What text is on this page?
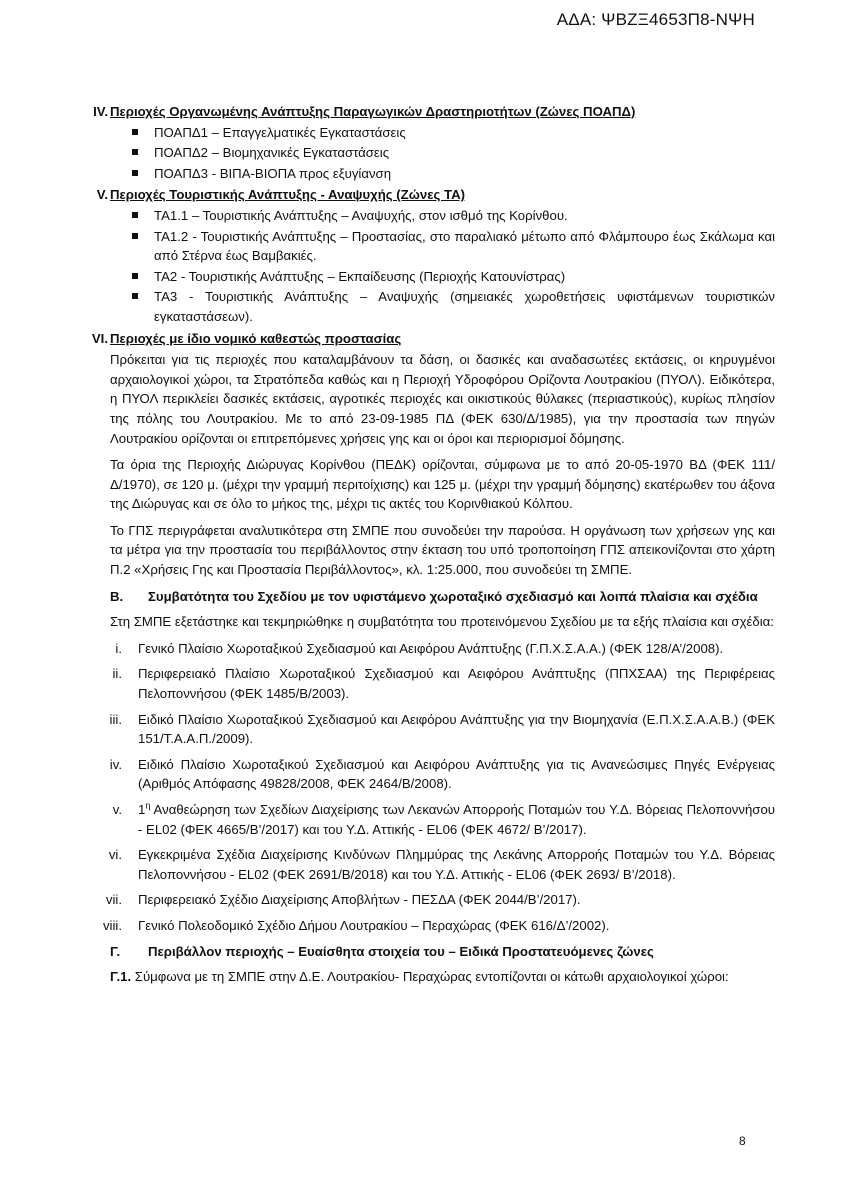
ΑΔΑ: ΨΒΖΞ4653Π8-ΝΨΗ
IV. Περιοχές Οργανωμένης Ανάπτυξης Παραγωγικών Δραστηριοτήτων (Ζώνες ΠΟΑΠΔ)
ΠΟΑΠΔ1 – Επαγγελματικές Εγκαταστάσεις
ΠΟΑΠΔ2 – Βιομηχανικές Εγκαταστάσεις
ΠΟΑΠΔ3 - ΒΙΠΑ-ΒΙΟΠΑ προς εξυγίανση
V. Περιοχές Τουριστικής Ανάπτυξης - Αναψυχής (Ζώνες ΤΑ)
ΤΑ1.1 – Τουριστικής Ανάπτυξης – Αναψυχής, στον ισθμό της Κορίνθου.
ΤΑ1.2 - Τουριστικής Ανάπτυξης – Προστασίας, στο παραλιακό μέτωπο από Φλάμπουρο έως Σκάλωμα και από Στέρνα έως Βαμβακιές.
ΤΑ2 - Τουριστικής Ανάπτυξης – Εκπαίδευσης (Περιοχής Κατουνίστρας)
ΤΑ3 - Τουριστικής Ανάπτυξης – Αναψυχής (σημειακές χωροθετήσεις υφιστάμενων τουριστικών εγκαταστάσεων).
VI. Περιοχές με ίδιο νομικό καθεστώς προστασίας

Πρόκειται για τις περιοχές που καταλαμβάνουν τα δάση, οι δασικές και αναδασωτέες εκτάσεις, οι κηρυγμένοι αρχαιολογικοί χώροι, τα Στρατόπεδα καθώς και η Περιοχή Υδροφόρου Ορίζοντα Λουτρακίου (ΠΥΟΛ). Ειδικότερα, η ΠΥΟΛ περικλείει δασικές εκτάσεις, αγροτικές περιοχές και οικιστικούς θύλακες (περιαστικούς), κυρίως πλησίον της πόλης του Λουτρακίου. Με το από 23-09-1985 ΠΔ (ΦΕΚ 630/Δ/1985), για την προστασία των πηγών Λουτρακίου ορίζονται οι επιτρεπόμενες χρήσεις γης και οι όροι και περιορισμοί δόμησης.

Τα όρια της Περιοχής Διώρυγας Κορίνθου (ΠΕΔΚ) ορίζονται, σύμφωνα με το από 20-05-1970 ΒΔ (ΦΕΚ 111/Δ/1970), σε 120 μ. (μέχρι την γραμμή περιτοίχισης) και 125 μ. (μέχρι την γραμμή δόμησης) εκατέρωθεν του άξονα της Διώρυγας και σε όλο το μήκος της, μέχρι τις ακτές του Κορινθιακού Κόλπου.

Το ΓΠΣ περιγράφεται αναλυτικότερα στη ΣΜΠΕ που συνοδεύει την παρούσα. Η οργάνωση των χρήσεων γης και τα μέτρα για την προστασία του περιβάλλοντος στην έκταση του υπό τροποποίηση ΓΠΣ απεικονίζονται στο χάρτη Π.2 «Χρήσεις Γης και Προστασία Περιβάλλοντος», κλ. 1:25.000, που συνοδεύει τη ΣΜΠΕ.

Β. Συμβατότητα του Σχεδίου με τον υφιστάμενο χωροταξικό σχεδιασμό και λοιπά πλαίσια και σχέδια

Στη ΣΜΠΕ εξετάστηκε και τεκμηριώθηκε η συμβατότητα του προτεινόμενου Σχεδίου με τα εξής πλαίσια και σχέδια:

i. Γενικό Πλαίσιο Χωροταξικού Σχεδιασμού και Αειφόρου Ανάπτυξης (Γ.Π.Χ.Σ.Α.Α.) (ΦΕΚ 128/Α’/2008).
ii. Περιφερειακό Πλαίσιο Χωροταξικού Σχεδιασμού και Αειφόρου Ανάπτυξης (ΠΠΧΣΑΑ) της Περιφέρειας Πελοποννήσου (ΦΕΚ 1485/Β/2003).
iii. Ειδικό Πλαίσιο Χωροταξικού Σχεδιασμού και Αειφόρου Ανάπτυξης για την Βιομηχανία (Ε.Π.Χ.Σ.Α.Α.Β.) (ΦΕΚ 151/Τ.Α.Α.Π./2009).
iv. Ειδικό Πλαίσιο Χωροταξικού Σχεδιασμού και Αειφόρου Ανάπτυξης για τις Ανανεώσιμες Πηγές Ενέργειας (Αριθμός Απόφασης 49828/2008, ΦΕΚ 2464/Β/2008).
v. $1^\eta$ Αναθεώρηση των Σχεδίων Διαχείρισης των Λεκανών Απορροής Ποταμών του Υ.Δ. Βόρειας Πελοποννήσου - EL02 (ΦΕΚ 4665/Β’/2017) και του Υ.Δ. Αττικής - EL06 (ΦΕΚ 4672/ Β’/2017).
vi. Εγκεκριμένα Σχέδια Διαχείρισης Κινδύνων Πλημμύρας της Λεκάνης Απορροής Ποταμών του Υ.Δ. Βόρειας Πελοποννήσου - EL02 (ΦΕΚ 2691/Β/2018) και του Υ.Δ. Αττικής - EL06 (ΦΕΚ 2693/ Β’/2018).
vii. Περιφερειακό Σχέδιο Διαχείρισης Αποβλήτων - ΠΕΣΔΑ (ΦΕΚ 2044/Β’/2017).
viii. Γενικό Πολεοδομικό Σχέδιο Δήμου Λουτρακίου – Περαχώρας (ΦΕΚ 616/Δ’/2002).
Γ. Περιβάλλον περιοχής – Ευαίσθητα στοιχεία του – Ειδικά Προστατευόμενες ζώνες

Γ.1. Σύμφωνα με τη ΣΜΠΕ στην Δ.Ε. Λουτρακίου- Περαχώρας εντοπίζονται οι κάτωθι αρχαιολογικοί χώροι:

8
